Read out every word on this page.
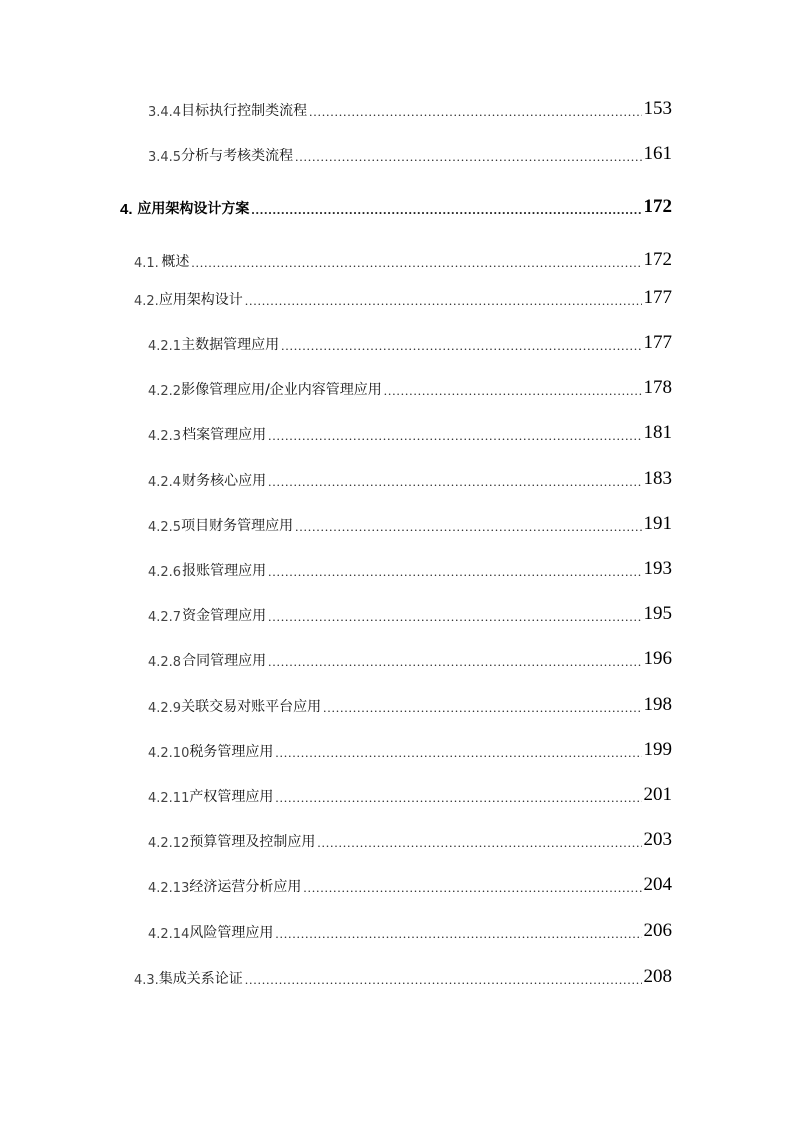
3.4.4 目标执行控制类流程 .....	153
3.4.5 分析与考核类流程 .....	161
4. 应用架构设计方案 .....	172
4.1. 概述 .....	172
4.2. 应用架构设计 .....	177
4.2.1 主数据管理应用 .....	177
4.2.2 影像管理应用/企业内容管理应用 .....	178
4.2.3 档案管理应用 .....	181
4.2.4 财务核心应用 .....	183
4.2.5 项目财务管理应用 .....	191
4.2.6 报账管理应用 .....	193
4.2.7 资金管理应用 .....	195
4.2.8 合同管理应用 .....	196
4.2.9 关联交易对账平台应用 .....	198
4.2.10 税务管理应用 .....	199
4.2.11 产权管理应用 .....	201
4.2.12 预算管理及控制应用 .....	203
4.2.13 经济运营分析应用 .....	204
4.2.14 风险管理应用 .....	206
4.3. 集成关系论证 .....	208
